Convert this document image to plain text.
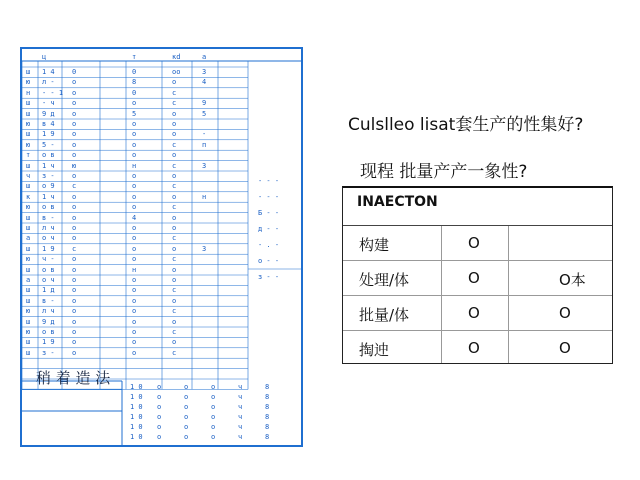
ц	т	кd	а
ш 1 4 0	0	оо	3
ю л - о	8	о	4
н - - 1 о	0	с
ш - ч о	о	с	9
ш 9 д о	5	о	5
ю в 4 о	о	о
ш 1 9 о	о	о	-
ю 5 - о	о	с	п
т о в о	о	о
ш 1 ч ю	н	с	3
ч з - о	о	о
ш о 9 с	о	с
к 1 ч о	о	о	н
ю о в о	о	с
ш в - о	4	о
ш л ч о	о	о
а о ч о	о	с
ш 1 9 с	о	о	3
ю ч - о	о	с
ш о в о	н	о
а о ч о	о	о
ш 1 д о	о	с
ш в - о	о	о
ю л ч о	о	с
ш 9 д о	о	о
ю о в о	о	с
ш 1 9 о	о	о
ш з - о	о	с
- - -
- - -
Б - -
д - -
- . -
о - -
з - -
1 0 о	о	о	ч	8
1 0 о	о	о	ч	8
1 0 о	о	о	ч	8
1 0 о	о	о	ч	8
1 0 о	о	о	ч	8
1 0 о	о	о	ч	8
稍 着 造 法
Culslleo lisat套生产的性集好?
现程 批量产产一象性?
INAECTON
构建	O
处理/体	O	O本
批量/体	O	O
掏迚	O	O
